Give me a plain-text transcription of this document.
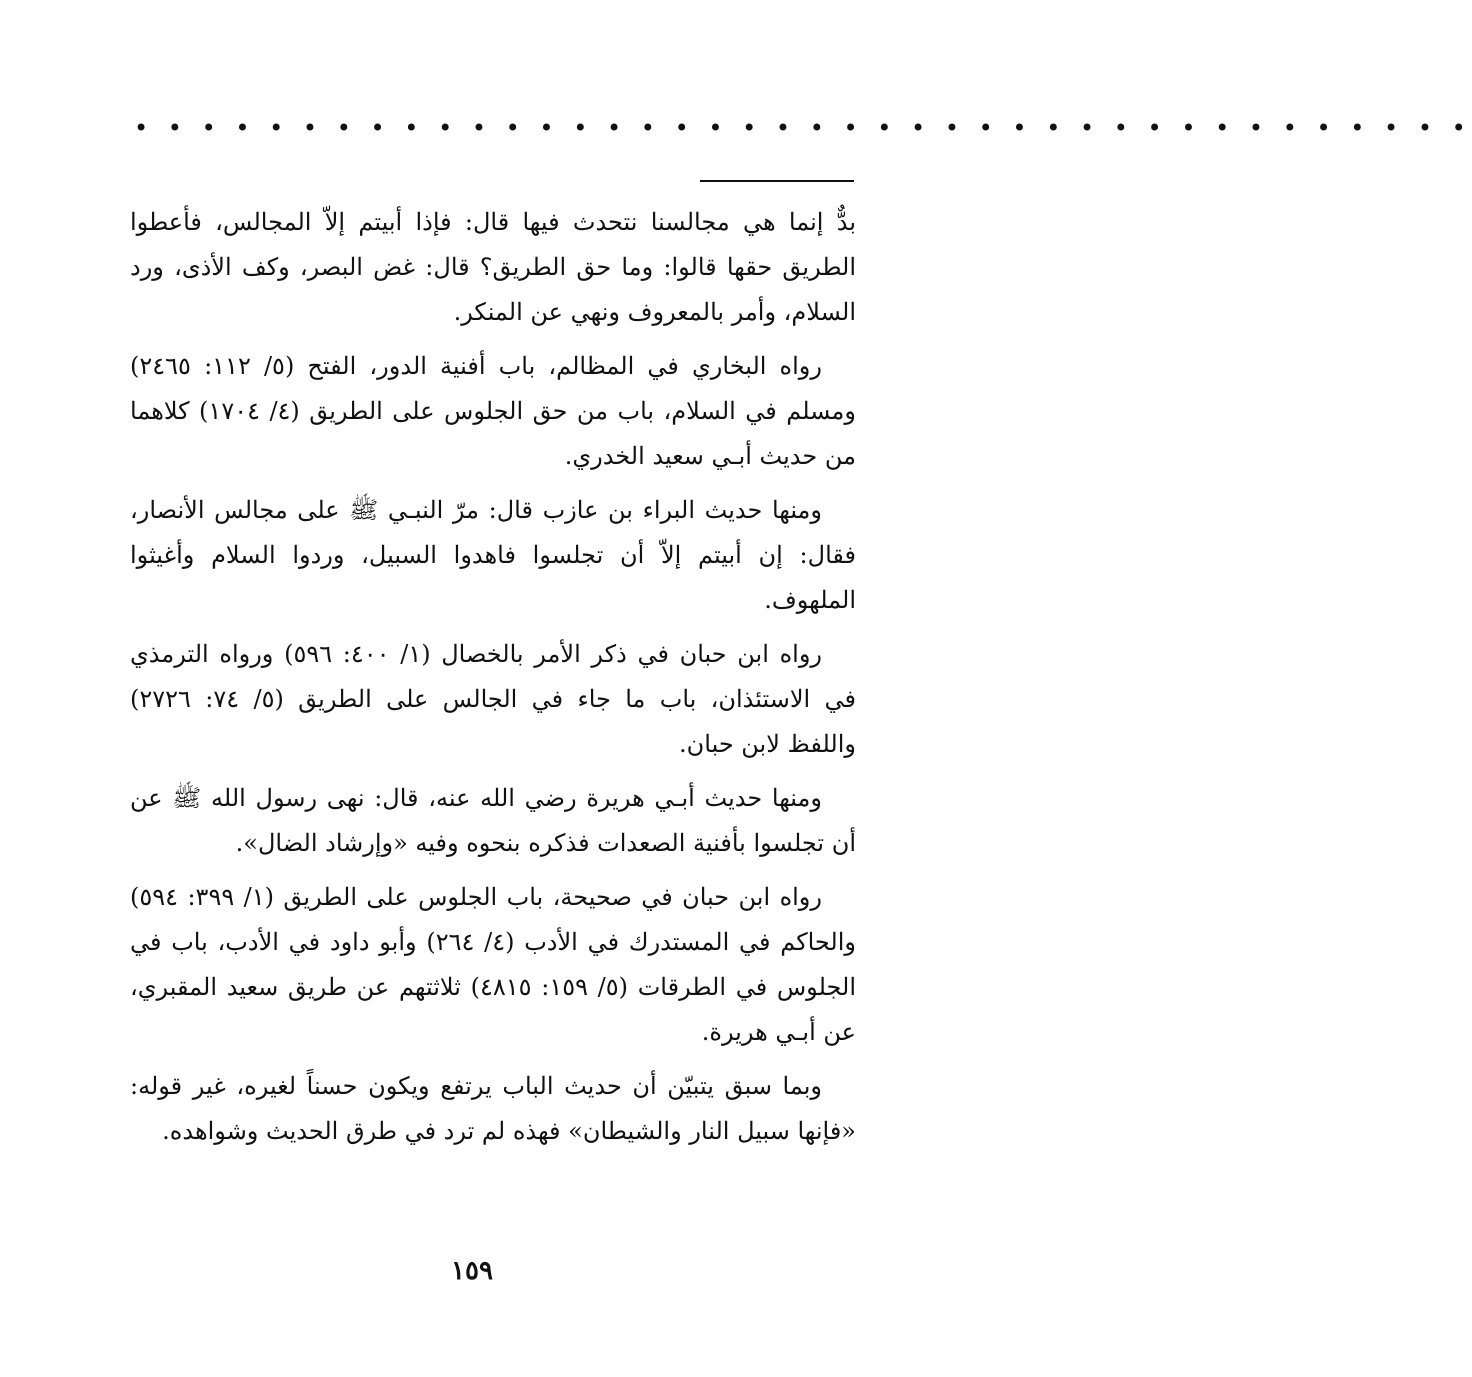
• • • • • • • • • • • • • • • • • • • • • • • • • • • • • • • • • • • • • • • •

بدٌّ إنما هي مجالسنا نتحدث فيها قال: فإذا أبيتم إلاّ المجالس، فأعطوا الطريق حقها قالوا: وما حق الطريق؟ قال: غض البصر، وكف الأذى، ورد السلام، وأمر بالمعروف ونهي عن المنكر.

رواه البخاري في المظالم، باب أفنية الدور، الفتح (٥/ ١١٢: ٢٤٦٥) ومسلم في السلام، باب من حق الجلوس على الطريق (٤/ ١٧٠٤) كلاهما من حديث أبـي سعيد الخدري.

ومنها حديث البراء بن عازب قال: مرّ النبـي ﷺ على مجالس الأنصار، فقال: إن أبيتم إلاّ أن تجلسوا فاهدوا السبيل، وردوا السلام وأغيثوا الملهوف.

رواه ابن حبان في ذكر الأمر بالخصال (١/ ٤٠٠: ٥٩٦) ورواه الترمذي في الاستئذان، باب ما جاء في الجالس على الطريق (٥/ ٧٤: ٢٧٢٦) واللفظ لابن حبان.

ومنها حديث أبـي هريرة رضي الله عنه، قال: نهى رسول الله ﷺ عن أن تجلسوا بأفنية الصعدات فذكره بنحوه وفيه «وإرشاد الضال».

رواه ابن حبان في صحيحة، باب الجلوس على الطريق (١/ ٣٩٩: ٥٩٤) والحاكم في المستدرك في الأدب (٤/ ٢٦٤) وأبو داود في الأدب، باب في الجلوس في الطرقات (٥/ ١٥٩: ٤٨١٥) ثلاثتهم عن طريق سعيد المقبري، عن أبـي هريرة.

وبما سبق يتبيّن أن حديث الباب يرتفع ويكون حسناً لغيره، غير قوله: «فإنها سبيل النار والشيطان» فهذه لم ترد في طرق الحديث وشواهده.

١٥٩
